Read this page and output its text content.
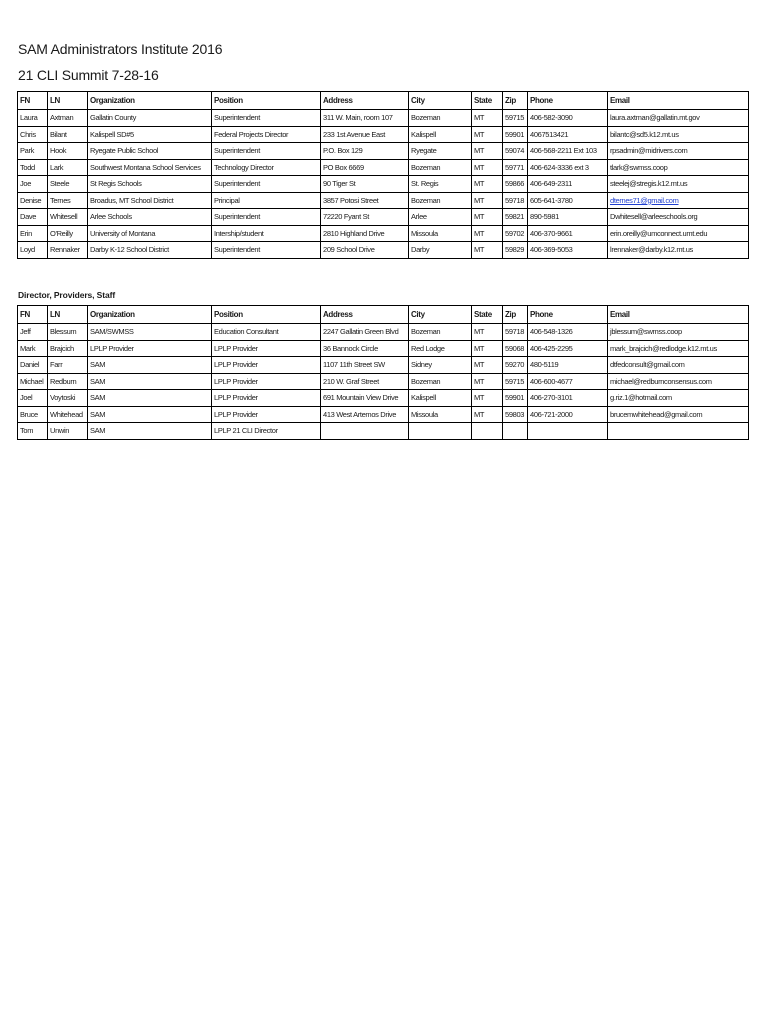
SAM Administrators Institute 2016
21 CLI Summit 7-28-16
FN	LN	Organization	Position	Address	City	State	Zip	Phone	Email
Laura	Axtman	Gallatin County	Superintendent	311 W. Main, room 107	Bozeman	MT	59715	406-582-3090	laura.axtman@gallatin.mt.gov
Chris	Bilant	Kalispell SD#5	Federal Projects Director	233 1st Avenue East	Kalispell	MT	59901	4067513421	bilantc@sd5.k12.mt.us
Park	Hook	Ryegate Public School	Superintendent	P.O. Box 129	Ryegate	MT	59074	406-568-2211 Ext 103	rpsadmin@midrivers.com
Todd	Lark	Southwest Montana School Services	Technology Director	PO Box 6669	Bozeman	MT	59771	406-624-3336 ext 3	tlark@swmss.coop
Joe	Steele	St Regis Schools	Superintendent	90 Tiger St	St. Regis	MT	59866	406-649-2311	steelej@stregis.k12.mt.us
Denise	Ternes	Broadus, MT School District	Principal	3857 Potosi Street	Bozeman	MT	59718	605-641-3780	dternes71@gmail.com
Dave	Whitesell	Arlee Schools	Superintendent	72220 Fyant St	Arlee	MT	59821	890-5981	Dwhitesell@arleeschools.org
Erin	O'Reilly	University of Montana	Intership/student	2810 Highland Drive	Missoula	MT	59702	406-370-9661	erin.oreilly@umconnect.umt.edu
Loyd	Rennaker	Darby K-12 School District	Superintendent	209 School Drive	Darby	MT	59829	406-369-5053	lrennaker@darby.k12.mt.us
Director, Providers, Staff
FN	LN	Organization	Position	Address	City	State	Zip	Phone	Email
Jeff	Blessum	SAM/SWMSS	Education Consultant	2247 Gallatin Green Blvd	Bozeman	MT	59718	406-548-1326	jblessum@swmss.coop
Mark	Brajcich	LPLP Provider	LPLP Provider	36 Bannock Circle	Red Lodge	MT	59068	406-425-2295	mark_brajcich@redlodge.k12.mt.us
Daniel	Farr	SAM	LPLP Provider	1107 11th Street SW	Sidney	MT	59270	480-5119	dtfedconsult@gmail.com
Michael	Redburn	SAM	LPLP Provider	210 W. Graf Street	Bozeman	MT	59715	406-600-4677	michael@redburnconsensus.com
Joel	Voytoski	SAM	LPLP Provider	691 Mountain View Drive	Kalispell	MT	59901	406-270-3101	g.riz.1@hotmail.com
Bruce	Whitehead	SAM	LPLP Provider	413 West Artemos Drive	Missoula	MT	59803	406-721-2000	brucemwhitehead@gmail.com
Tom	Unwin	SAM	LPLP 21 CLI Director						
